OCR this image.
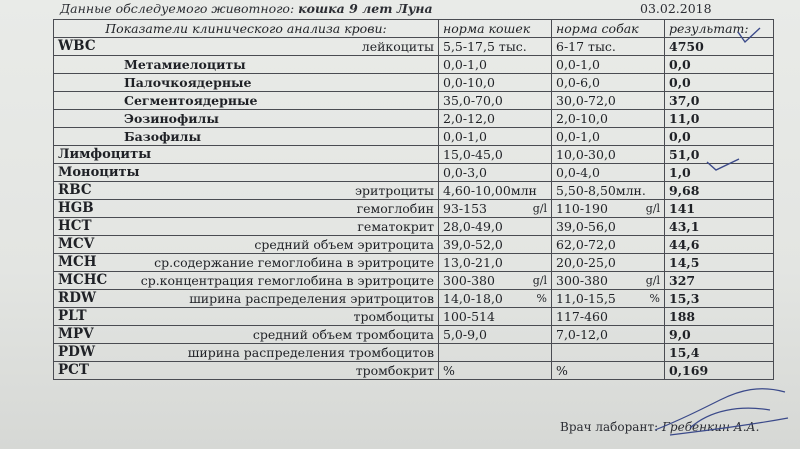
Данные обследуемого животного: кошка 9 лет Луна	03.02.2018
Показатели клинического анализа крови:	норма кошек	норма собак	результат:

WBC лейкоциты	5,5-17,5 тыс.	6-17 тыс.	4750
Метамиелоциты	0,0-1,0	0,0-1,0	0,0
Палочкоядерные	0,0-10,0	0,0-6,0	0,0
Сегментоядерные	35,0-70,0	30,0-72,0	37,0
Эозинофилы	2,0-12,0	2,0-10,0	11,0
Базофилы	0,0-1,0	0,0-1,0	0,0
Лимфоциты	15,0-45,0	10,0-30,0	51,0
Моноциты	0,0-3,0	0,0-4,0	1,0

RBC эритроциты	4,60-10,00млн	5,50-8,50млн.	9,68

HGB гемоглобин	93-153 g/l	110-190 g/l	141

HCT гематокрит	28,0-49,0	39,0-56,0	43,1

MCV средний объем эритроцита	39,0-52,0	62,0-72,0	44,6

MCH ср.содержание гемоглобина в эритроците	13,0-21,0	20,0-25,0	14,5

MCHC ср.концентрация гемоглобина в эритроците	300-380 g/l	300-380 g/l	327

RDW ширина распределения эритроцитов	14,0-18,0 %	11,0-15,5 %	15,3

PLT тромбоциты	100-514	117-460	188

MPV средний объем тромбоцита	5,0-9,0	7,0-12,0	9,0

PDW ширина распределения тромбоцитов			15,4

PCT тромбокрит	%	%	0,169
Врач лаборант: Гребенкин А.А.
